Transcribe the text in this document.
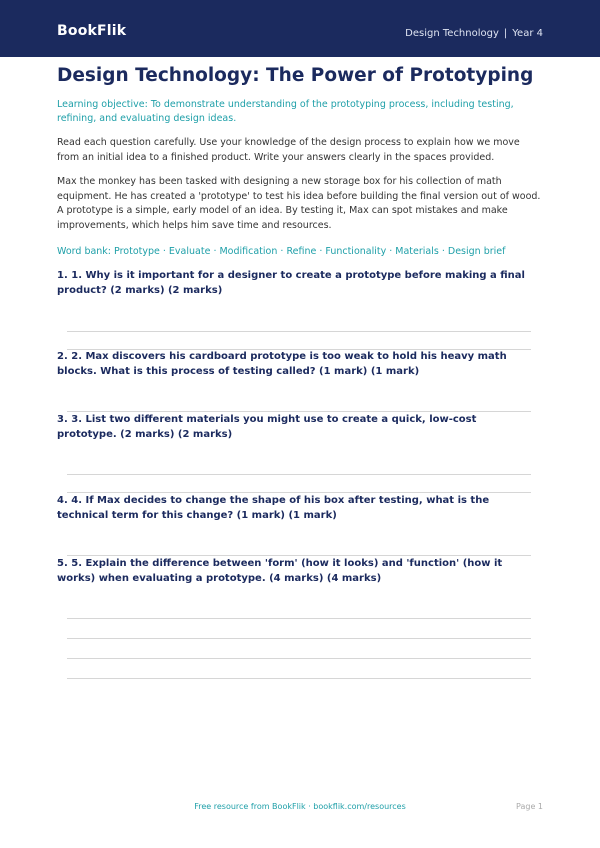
BookFlik	Design Technology | Year 4
Design Technology: The Power of Prototyping

Learning objective: To demonstrate understanding of the prototyping process, including testing, refining, and evaluating design ideas.

Read each question carefully. Use your knowledge of the design process to explain how we move from an initial idea to a finished product. Write your answers clearly in the spaces provided.

Max the monkey has been tasked with designing a new storage box for his collection of math equipment. He has created a 'prototype' to test his idea before building the final version out of wood. A prototype is a simple, early model of an idea. By testing it, Max can spot mistakes and make improvements, which helps him save time and resources.

Word bank: Prototype · Evaluate · Modification · Refine · Functionality · Materials · Design brief

1. 1. Why is it important for a designer to create a prototype before making a final product? (2 marks) (2 marks)
2. 2. Max discovers his cardboard prototype is too weak to hold his heavy math blocks. What is this process of testing called? (1 mark) (1 mark)
3. 3. List two different materials you might use to create a quick, low-cost prototype. (2 marks) (2 marks)
4. 4. If Max decides to change the shape of his box after testing, what is the technical term for this change? (1 mark) (1 mark)
5. 5. Explain the difference between 'form' (how it looks) and 'function' (how it works) when evaluating a prototype. (4 marks) (4 marks)
Free resource from BookFlik · bookflik.com/resources	Page 1
